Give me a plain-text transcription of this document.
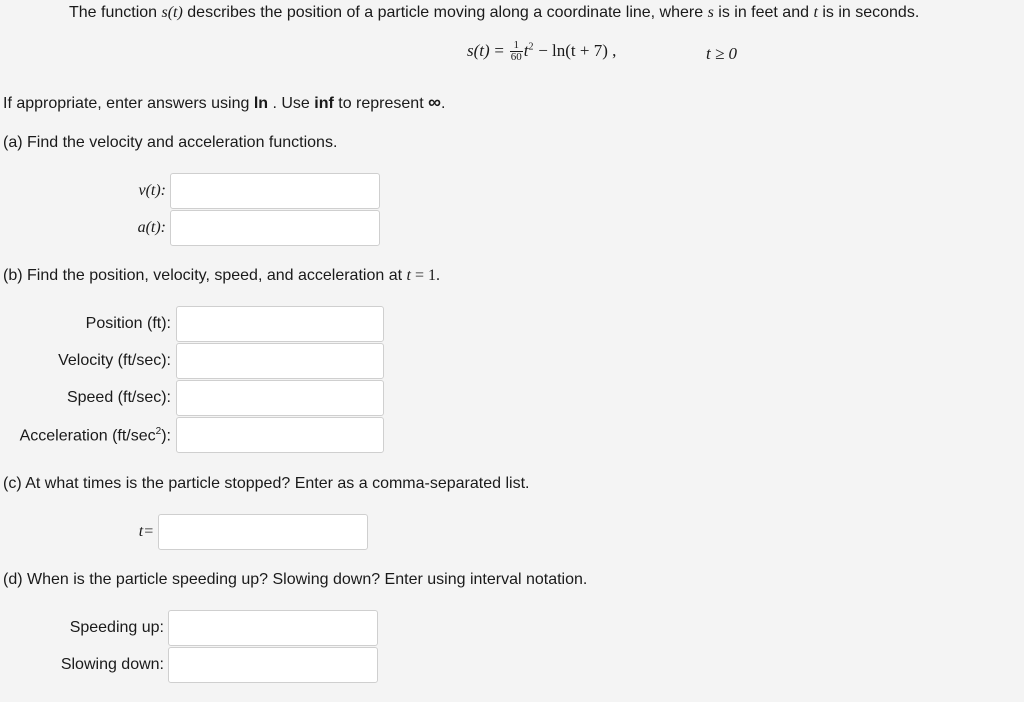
The function s(t) describes the position of a particle moving along a coordinate line, where s is in feet and t is in seconds.
$s(t) = \frac{1}{60} t^2 - \ln(t + 7)$ ,	t ≥ 0
If appropriate, enter answers using ln . Use inf to represent ∞.
(a) Find the velocity and acceleration functions.
v(t):
a(t):
(b) Find the position, velocity, speed, and acceleration at t = 1.
Position (ft):
Velocity (ft/sec):
Speed (ft/sec):
Acceleration $(ft/\sec^2)$:
(c) At what times is the particle stopped? Enter as a comma-separated list.
t=
(d) When is the particle speeding up? Slowing down? Enter using interval notation.
Speeding up:
Slowing down:
